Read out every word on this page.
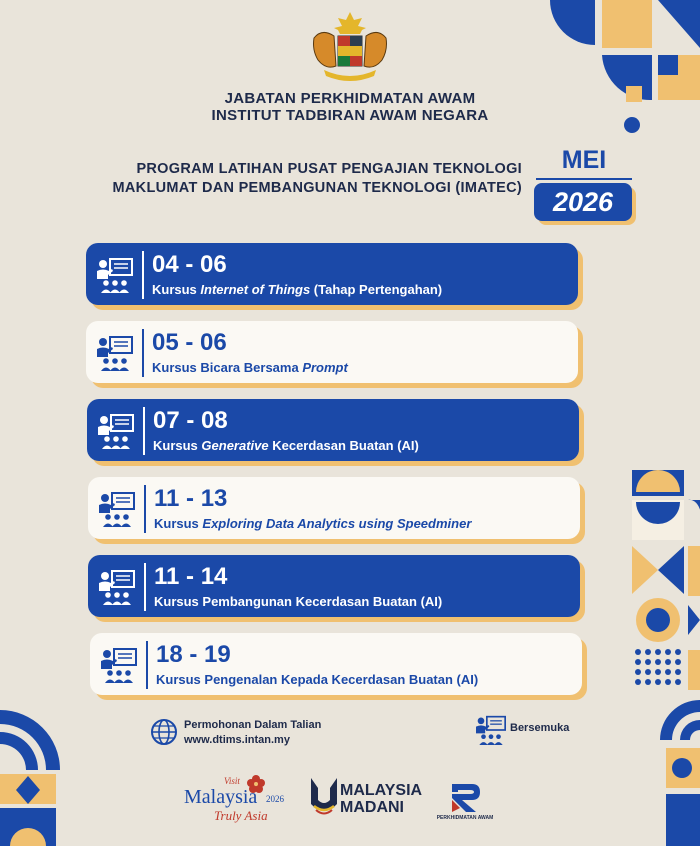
JABATAN PERKHIDMATAN AWAM
INSTITUT TADBIRAN AWAM NEGARA
PROGRAM LATIHAN PUSAT PENGAJIAN TEKNOLOGI
MAKLUMAT DAN PEMBANGUNAN TEKNOLOGI (IMATEC)
MEI
2026
04 - 06
Kursus Internet of Things (Tahap Pertengahan)
05 - 06
Kursus Bicara Bersama Prompt
07 - 08
Kursus Generative Kecerdasan Buatan (AI)
11 - 13
Kursus Exploring Data Analytics using Speedminer
11 - 14
Kursus Pembangunan Kecerdasan Buatan (AI)
18 - 19
Kursus Pengenalan Kepada Kecerdasan Buatan (AI)
Permohonan Dalam Talian
www.dtims.intan.my
Bersemuka
Visit
Malaysia 2026
Truly Asia
MALAYSIA
MADANI
PERKHIDMATAN AWAM
